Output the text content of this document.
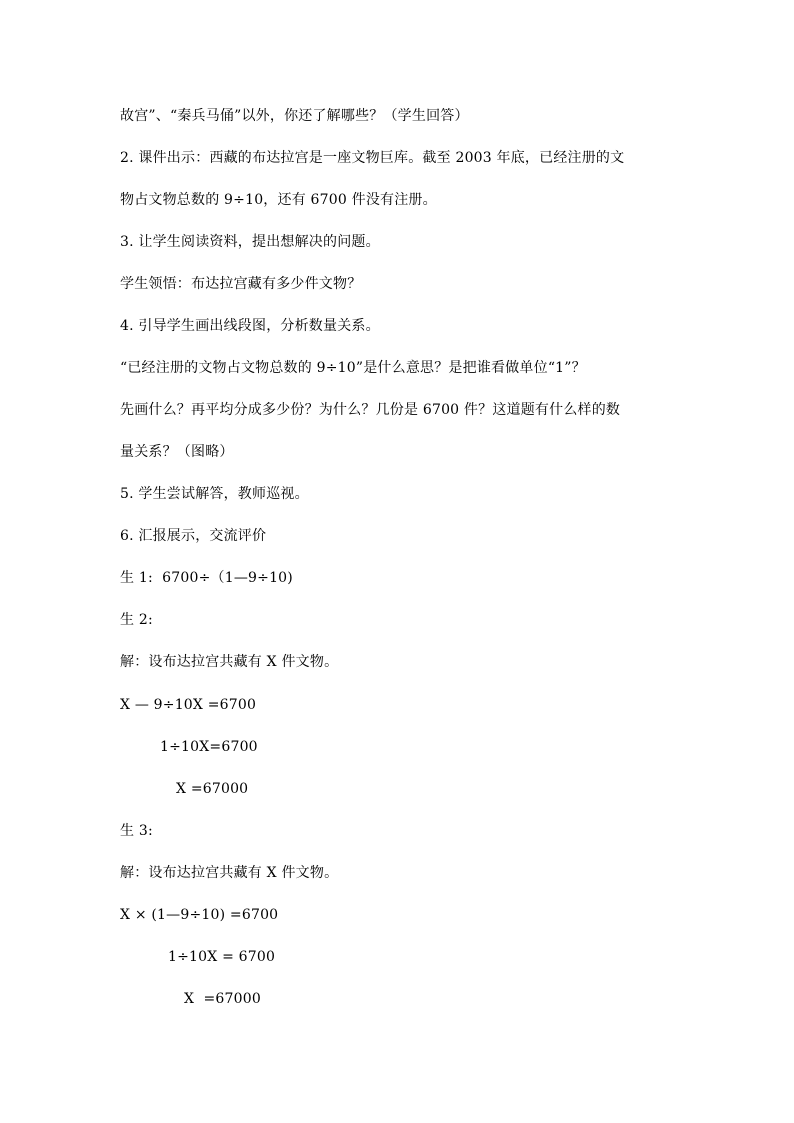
故宫”、“秦兵马俑”以外，你还了解哪些？（学生回答）
2. 课件出示：西藏的布达拉宫是一座文物巨库。截至 2003 年底，已经注册的文
物占文物总数的 9÷10，还有 6700 件没有注册。
3. 让学生阅读资料，提出想解决的问题。
学生领悟：布达拉宫藏有多少件文物？
4. 引导学生画出线段图，分析数量关系。
“已经注册的文物占文物总数的 9÷10”是什么意思？是把谁看做单位“1”？
先画什么？再平均分成多少份？为什么？几份是 6700 件？这道题有什么样的数
量关系？（图略）
5. 学生尝试解答，教师巡视。
6. 汇报展示，交流评价
生 1:  6700÷（1—9÷10)
生 2:
解：设布达拉宫共藏有 X 件文物。
X — 9÷10X =6700
1÷10X=6700
X =67000
生 3:
解：设布达拉宫共藏有 X 件文物。
X × (1—9÷10) =6700
1÷10X = 6700
X  =67000
